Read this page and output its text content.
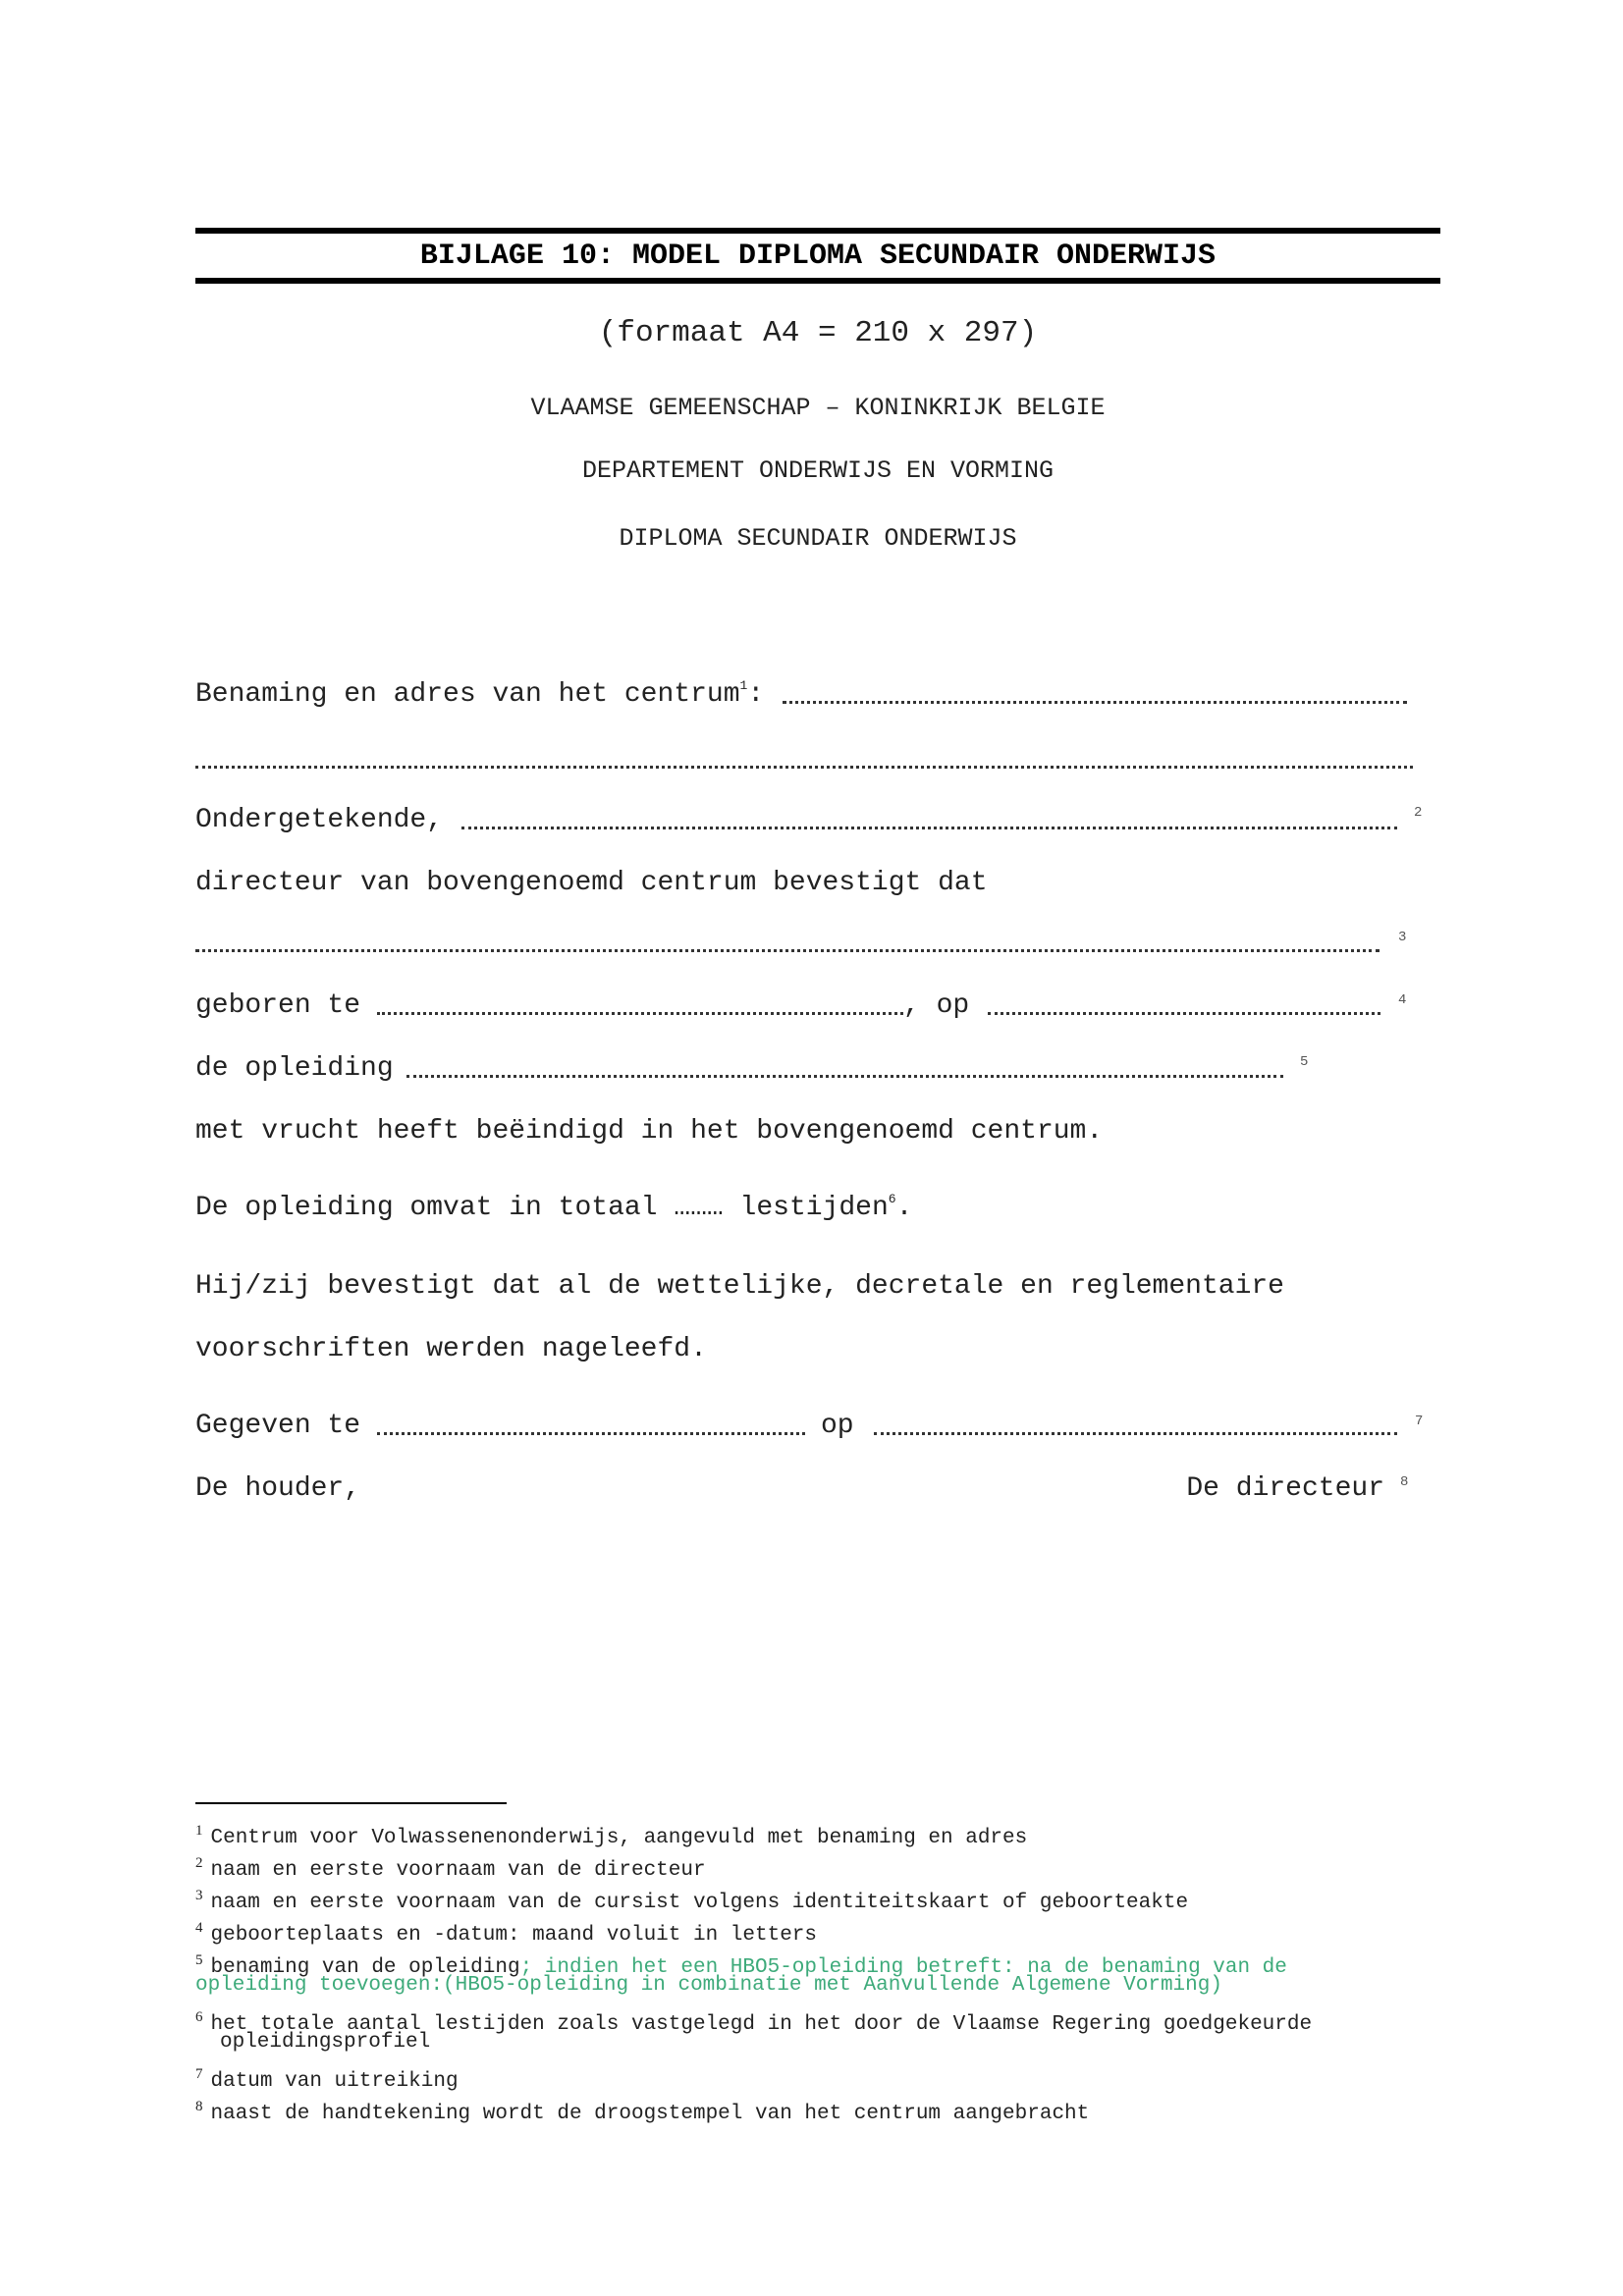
BIJLAGE 10: MODEL DIPLOMA SECUNDAIR ONDERWIJS
(formaat A4 = 210 x 297)
VLAAMSE GEMEENSCHAP – KONINKRIJK BELGIE
DEPARTEMENT ONDERWIJS EN VORMING
DIPLOMA SECUNDAIR ONDERWIJS
Benaming en adres van het centrum$^1$:
Ondergetekende,	2
directeur van bovengenoemd centrum bevestigt dat
3
geboren te	, op	4
de opleiding	5
met vrucht heeft beëindigd in het bovengenoemd centrum.
De opleiding omvat in totaal ……… lestijden$^6$.
Hij/zij bevestigt dat al de wettelijke, decretale en reglementaire
voorschriften werden nageleefd.
Gegeven te	op	7
De houder,	De directeur 8
$^1$ Centrum voor Volwassenenonderwijs, aangevuld met benaming en adres
$^2$ naam en eerste voornaam van de directeur
$^3$ naam en eerste voornaam van de cursist volgens identiteitskaart of geboorteakte
$^4$ geboorteplaats en -datum: maand voluit in letters
$^5$ benaming van de opleiding; indien het een HBO5-opleiding betreft: na de benaming van de
opleiding toevoegen:(HBO5-opleiding in combinatie met Aanvullende Algemene Vorming)
$^6$ het totale aantal lestijden zoals vastgelegd in het door de Vlaamse Regering goedgekeurde
opleidingsprofiel
$^7$ datum van uitreiking
$^8$ naast de handtekening wordt de droogstempel van het centrum aangebracht
